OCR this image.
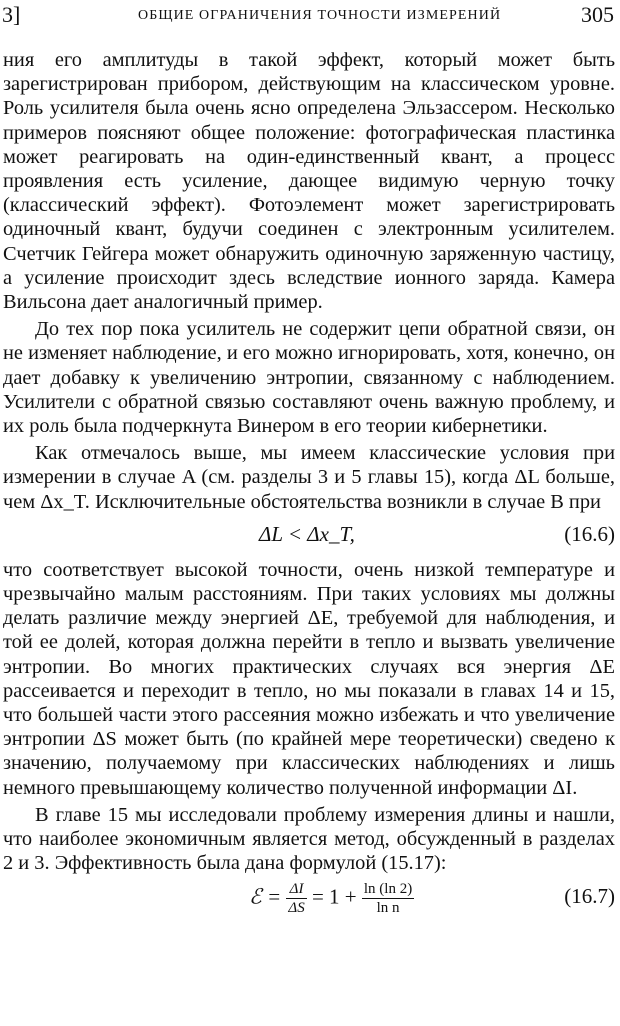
3]	ОБЩИЕ ОГРАНИЧЕНИЯ ТОЧНОСТИ ИЗМЕРЕНИЙ	305

ния его амплитуды в такой эффект, который может быть зарегистрирован прибором, действующим на классическом уровне. Роль усилителя была очень ясно определена Эльзассером. Несколько примеров поясняют общее положение: фотографическая пластинка может реагировать на один-единственный квант, а процесс проявления есть усиление, дающее видимую черную точку (классический эффект). Фотоэлемент может зарегистрировать одиночный квант, будучи соединен с электронным усилителем. Счетчик Гейгера может обнаружить одиночную заряженную частицу, а усиление происходит здесь вследствие ионного заряда. Камера Вильсона дает аналогичный пример.

До тех пор пока усилитель не содержит цепи обратной связи, он не изменяет наблюдение, и его можно игнорировать, хотя, конечно, он дает добавку к увеличению энтропии, связанному с наблюдением. Усилители с обратной связью составляют очень важную проблему, и их роль была подчеркнута Винером в его теории кибернетики.

Как отмечалось выше, мы имеем классические условия при измерении в случае A (см. разделы 3 и 5 главы 15), когда ΔL больше, чем Δx_T. Исключительные обстоятельства возникли в случае B при

ΔL < Δx_T,	(16.6)

что соответствует высокой точности, очень низкой температуре и чрезвычайно малым расстояниям. При таких условиях мы должны делать различие между энергией ΔE, требуемой для наблюдения, и той ее долей, которая должна перейти в тепло и вызвать увеличение энтропии. Во многих практических случаях вся энергия ΔE рассеивается и переходит в тепло, но мы показали в главах 14 и 15, что большей части этого рассеяния можно избежать и что увеличение энтропии ΔS может быть (по крайней мере теоретически) сведено к значению, получаемому при классических наблюдениях и лишь немного превышающему количество полученной информации ΔI.

В главе 15 мы исследовали проблему измерения длины и нашли, что наиболее экономичным является метод, обсужденный в разделах 2 и 3. Эффективность была дана формулой (15.17):

ℰ = $\frac{\Delta I}{\Delta S} = 1 + \frac{\ln (\ln 2)}{\text{ln n}}$	(16.7)
